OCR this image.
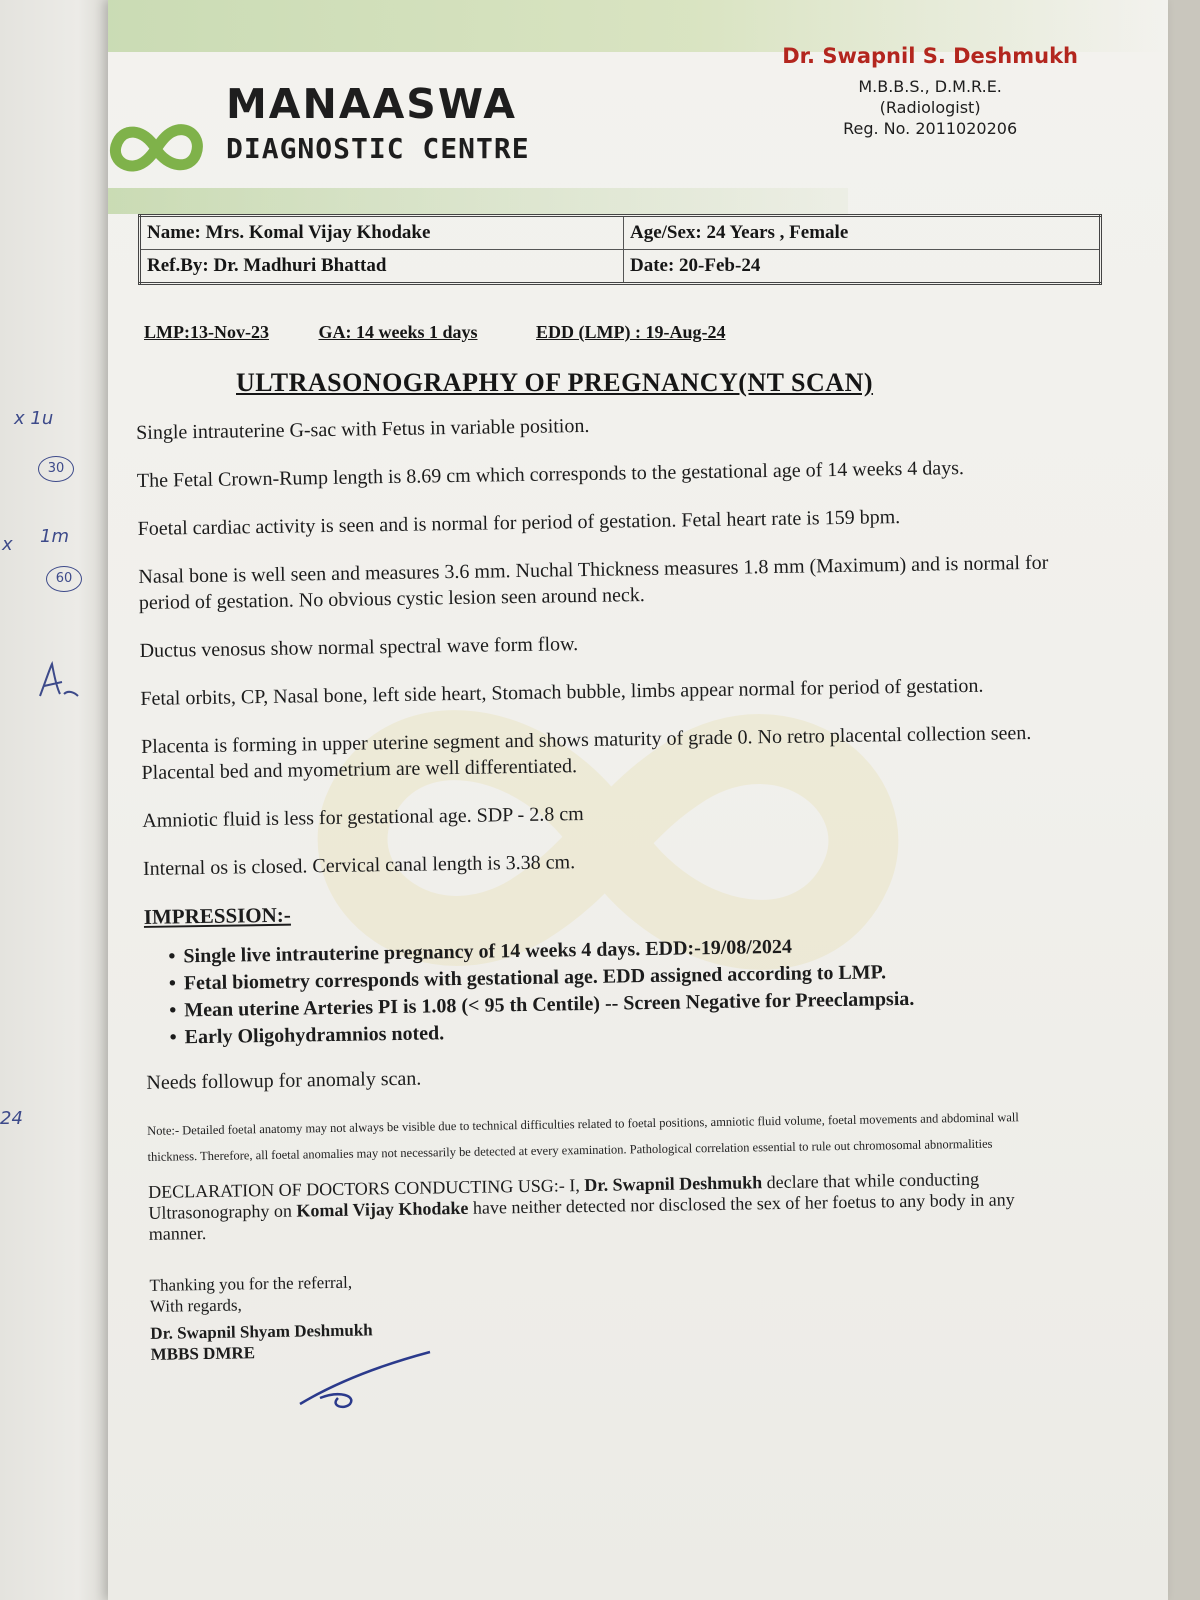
x 1u
30
x 1m
60
24
MANAASWA
DIAGNOSTIC CENTRE
Dr. Swapnil S. Deshmukh
M.B.B.S., D.M.R.E.
(Radiologist)
Reg. No. 2011020206
Name: Mrs. Komal Vijay Khodake	Age/Sex: 24 Years , Female
Ref.By: Dr. Madhuri Bhattad	Date: 20-Feb-24
LMP:13-Nov-23	GA: 14 weeks 1 days	EDD (LMP) : 19-Aug-24
ULTRASONOGRAPHY OF PREGNANCY(NT SCAN)

Single intrauterine G-sac with Fetus in variable position.

The Fetal Crown-Rump length is 8.69 cm which corresponds to the gestational age of 14 weeks 4 days.

Foetal cardiac activity is seen and is normal for period of gestation. Fetal heart rate is 159 bpm.

Nasal bone is well seen and measures 3.6 mm. Nuchal Thickness measures 1.8 mm (Maximum) and is normal for period of gestation. No obvious cystic lesion seen around neck.

Ductus venosus show normal spectral wave form flow.

Fetal orbits, CP, Nasal bone, left side heart, Stomach bubble, limbs appear normal for period of gestation.

Placenta is forming in upper uterine segment and shows maturity of grade 0. No retro placental collection seen. Placental bed and myometrium are well differentiated.

Amniotic fluid is less for gestational age. SDP - 2.8 cm

Internal os is closed. Cervical canal length is 3.38 cm.

IMPRESSION:-
• Single live intrauterine pregnancy of 14 weeks 4 days. EDD:-19/08/2024
• Fetal biometry corresponds with gestational age. EDD assigned according to LMP.
• Mean uterine Arteries PI is 1.08 (< 95 th Centile) -- Screen Negative for Preeclampsia.
• Early Oligohydramnios noted.

Needs followup for anomaly scan.

Note:- Detailed foetal anatomy may not always be visible due to technical difficulties related to foetal positions, amniotic fluid volume, foetal movements and abdominal wall thickness. Therefore, all foetal anomalies may not necessarily be detected at every examination. Pathological correlation essential to rule out chromosomal abnormalities
DECLARATION OF DOCTORS CONDUCTING USG:- I, Dr. Swapnil Deshmukh declare that while conducting Ultrasonography on Komal Vijay Khodake have neither detected nor disclosed the sex of her foetus to any body in any manner.
Thanking you for the referral,
With regards,
Dr. Swapnil Shyam Deshmukh
MBBS DMRE
